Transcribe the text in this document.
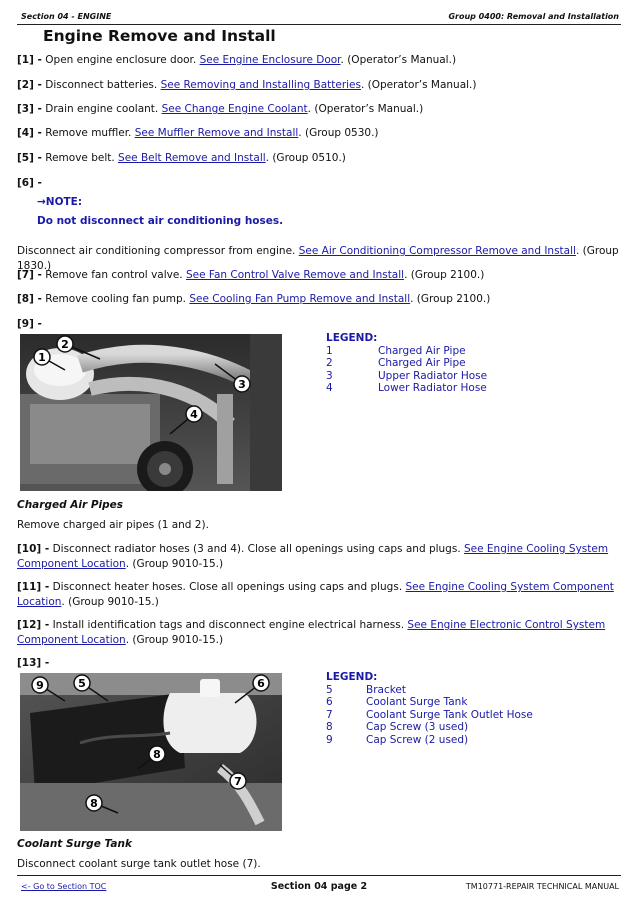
Section 04 - ENGINE	Group 0400: Removal and Installation
Engine Remove and Install
[1] - Open engine enclosure door. See Engine Enclosure Door. (Operator’s Manual.)
[2] - Disconnect batteries. See Removing and Installing Batteries. (Operator’s Manual.)
[3] - Drain engine coolant. See Change Engine Coolant. (Operator’s Manual.)
[4] - Remove muffler. See Muffler Remove and Install. (Group 0530.)
[5] - Remove belt. See Belt Remove and Install. (Group 0510.)
[6] -
→NOTE:
Do not disconnect air conditioning hoses.
Disconnect air conditioning compressor from engine. See Air Conditioning Compressor Remove and Install. (Group 1830.)
[7] - Remove fan control valve. See Fan Control Valve Remove and Install. (Group 2100.)
[8] - Remove cooling fan pump. See Cooling Fan Pump Remove and Install. (Group 2100.)
[9] -
1
2
3
4
LEGEND:
1	Charged Air Pipe
2	Charged Air Pipe
3	Upper Radiator Hose
4	Lower Radiator Hose
Charged Air Pipes
Remove charged air pipes (1 and 2).
[10] - Disconnect radiator hoses (3 and 4). Close all openings using caps and plugs. See Engine Cooling System Component Location. (Group 9010-15.)
[11] - Disconnect heater hoses. Close all openings using caps and plugs. See Engine Cooling System Component Location. (Group 9010-15.)
[12] - Install identification tags and disconnect engine electrical harness. See Engine Electronic Control System Component Location. (Group 9010-15.)
[13] -
9	5	6
8
7
8
LEGEND:
5	Bracket
6	Coolant Surge Tank
7	Coolant Surge Tank Outlet Hose
8	Cap Screw (3 used)
9	Cap Screw (2 used)
Coolant Surge Tank
Disconnect coolant surge tank outlet hose (7).
<- Go to Section TOC	Section 04 page 2	TM10771-REPAIR TECHNICAL MANUAL
